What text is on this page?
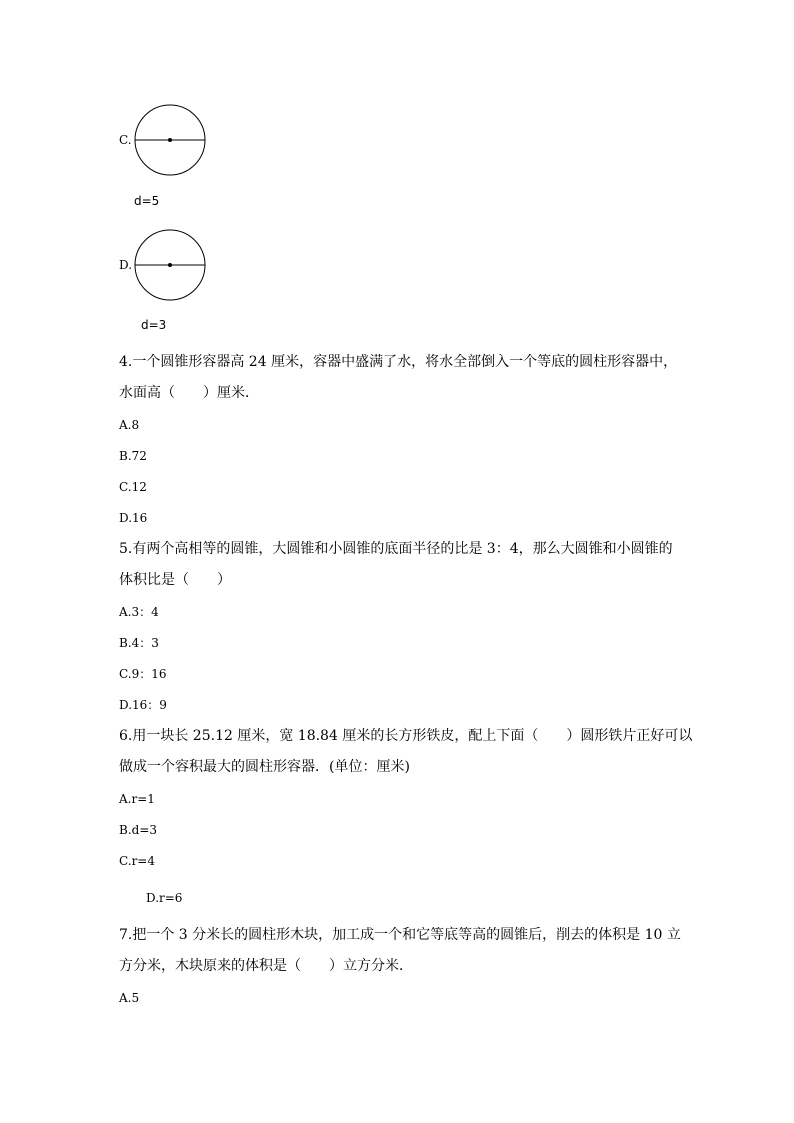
C.
d=5
D.
d=3
4.一个圆锥形容器高 24 厘米，容器中盛满了水，将水全部倒入一个等底的圆柱形容器中，
水面高（　　）厘米．
A.8
B.72
C.12
D.16
5.有两个高相等的圆锥，大圆锥和小圆锥的底面半径的比是 3：4，那么大圆锥和小圆锥的
体积比是（　　）
A.3：4
B.4：3
C.9：16
D.16：9
6.用一块长 25.12 厘米，宽 18.84 厘米的长方形铁皮，配上下面（　　）圆形铁片正好可以
做成一个容积最大的圆柱形容器．(单位：厘米)
A.r=1
B.d=3
C.r=4
D.r=6
7.把一个 3 分米长的圆柱形木块，加工成一个和它等底等高的圆锥后，削去的体积是 10 立
方分米，木块原来的体积是（　　）立方分米．
A.5
